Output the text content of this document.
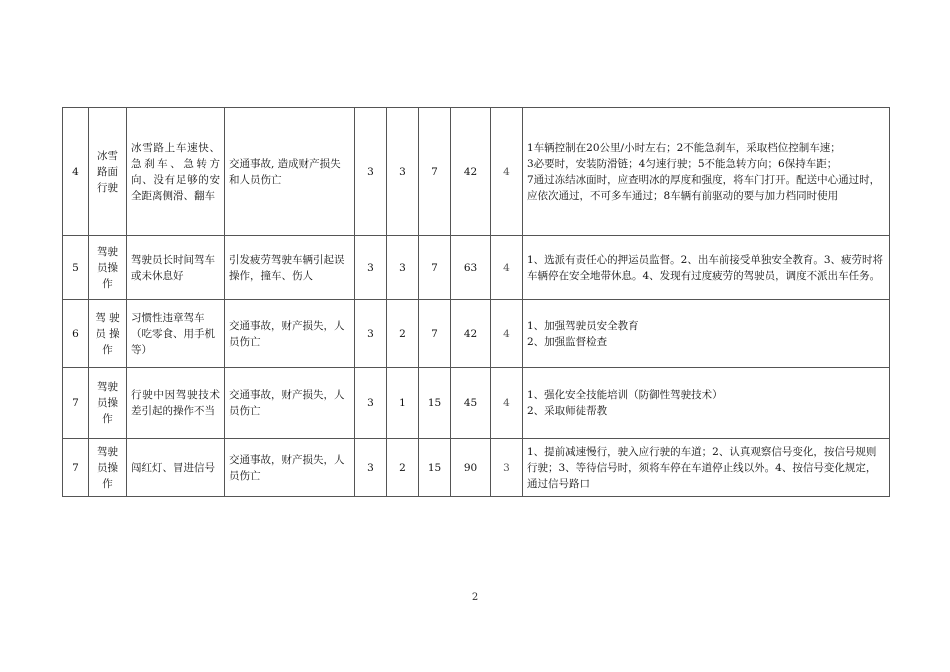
4	冰雪
路面
行驶	冰雪路上车速快、急刹车、急转方向、没有足够的安全距离侧滑、翻车	交通事故, 造成财产损失和人员伤亡	3	3	7	42	4	1车辆控制在20公里/小时左右；2不能急刹车，采取档位控制车速；
3必要时，安装防滑链；4匀速行驶；5不能急转方向；6保持车距；
7通过冻结冰面时，应查明冰的厚度和强度，将车门打开。配送中心通过时，应依次通过，不可多车通过；8车辆有前驱动的要与加力档同时使用
5	驾驶
员操
作	驾驶员长时间驾车或未休息好	引发疲劳驾驶车辆引起误操作，撞车、伤人	3	3	7	63	4	1、选派有责任心的押运员监督。2、出车前接受单独安全教育。3、疲劳时将车辆停在安全地带休息。4、发现有过度疲劳的驾驶员，调度不派出车任务。
6	驾 驶
员 操
作	习惯性违章驾车（吃零食、用手机等）	交通事故，财产损失，人员伤亡	3	2	7	42	4	1、加强驾驶员安全教育
2、加强监督检查
7	驾驶
员操
作	行驶中因驾驶技术差引起的操作不当	交通事故，财产损失，人员伤亡	3	1	15	45	4	1、强化安全技能培训（防御性驾驶技术）
2、采取师徒帮教
7	驾驶
员操
作	闯红灯、冒进信号	交通事故，财产损失，人员伤亡	3	2	15	90	3	1、提前减速慢行，驶入应行驶的车道；2、认真观察信号变化，按信号规则行驶；3、等待信号时，须将车停在车道停止线以外。4、按信号变化规定，通过信号路口
2
